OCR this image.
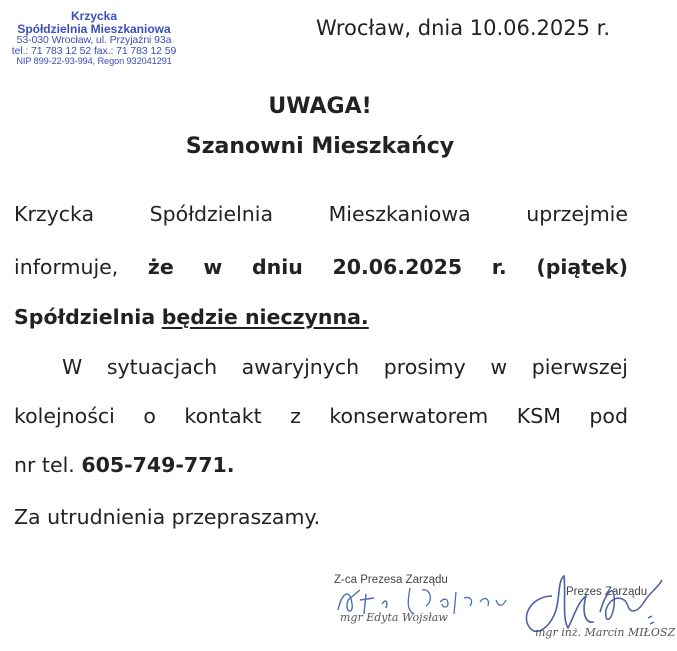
Krzycka
Spółdzielnia Mieszkaniowa
53-030 Wrocław, ul. Przyjaźni 93a
tel.: 71 783 12 52 fax.: 71 783 12 59
NIP 899-22-93-994, Regon 932041291
Wrocław, dnia 10.06.2025 r.
UWAGA!
Szanowni Mieszkańcy
Krzycka	Spółdzielnia	Mieszkaniowa	uprzejmie
informuje, że w dniu 20.06.2025 r. (piątek)
Spółdzielnia będzie nieczynna.
W sytuacjach awaryjnych prosimy w pierwszej
kolejności o kontakt z konserwatorem KSM pod
nr tel. 605-749-771.
Za utrudnienia przepraszamy.
Z-ca Prezesa Zarządu
mgr Edyta Wojsław
Prezes Zarządu
mgr inż. Marcin MIŁOSZ
